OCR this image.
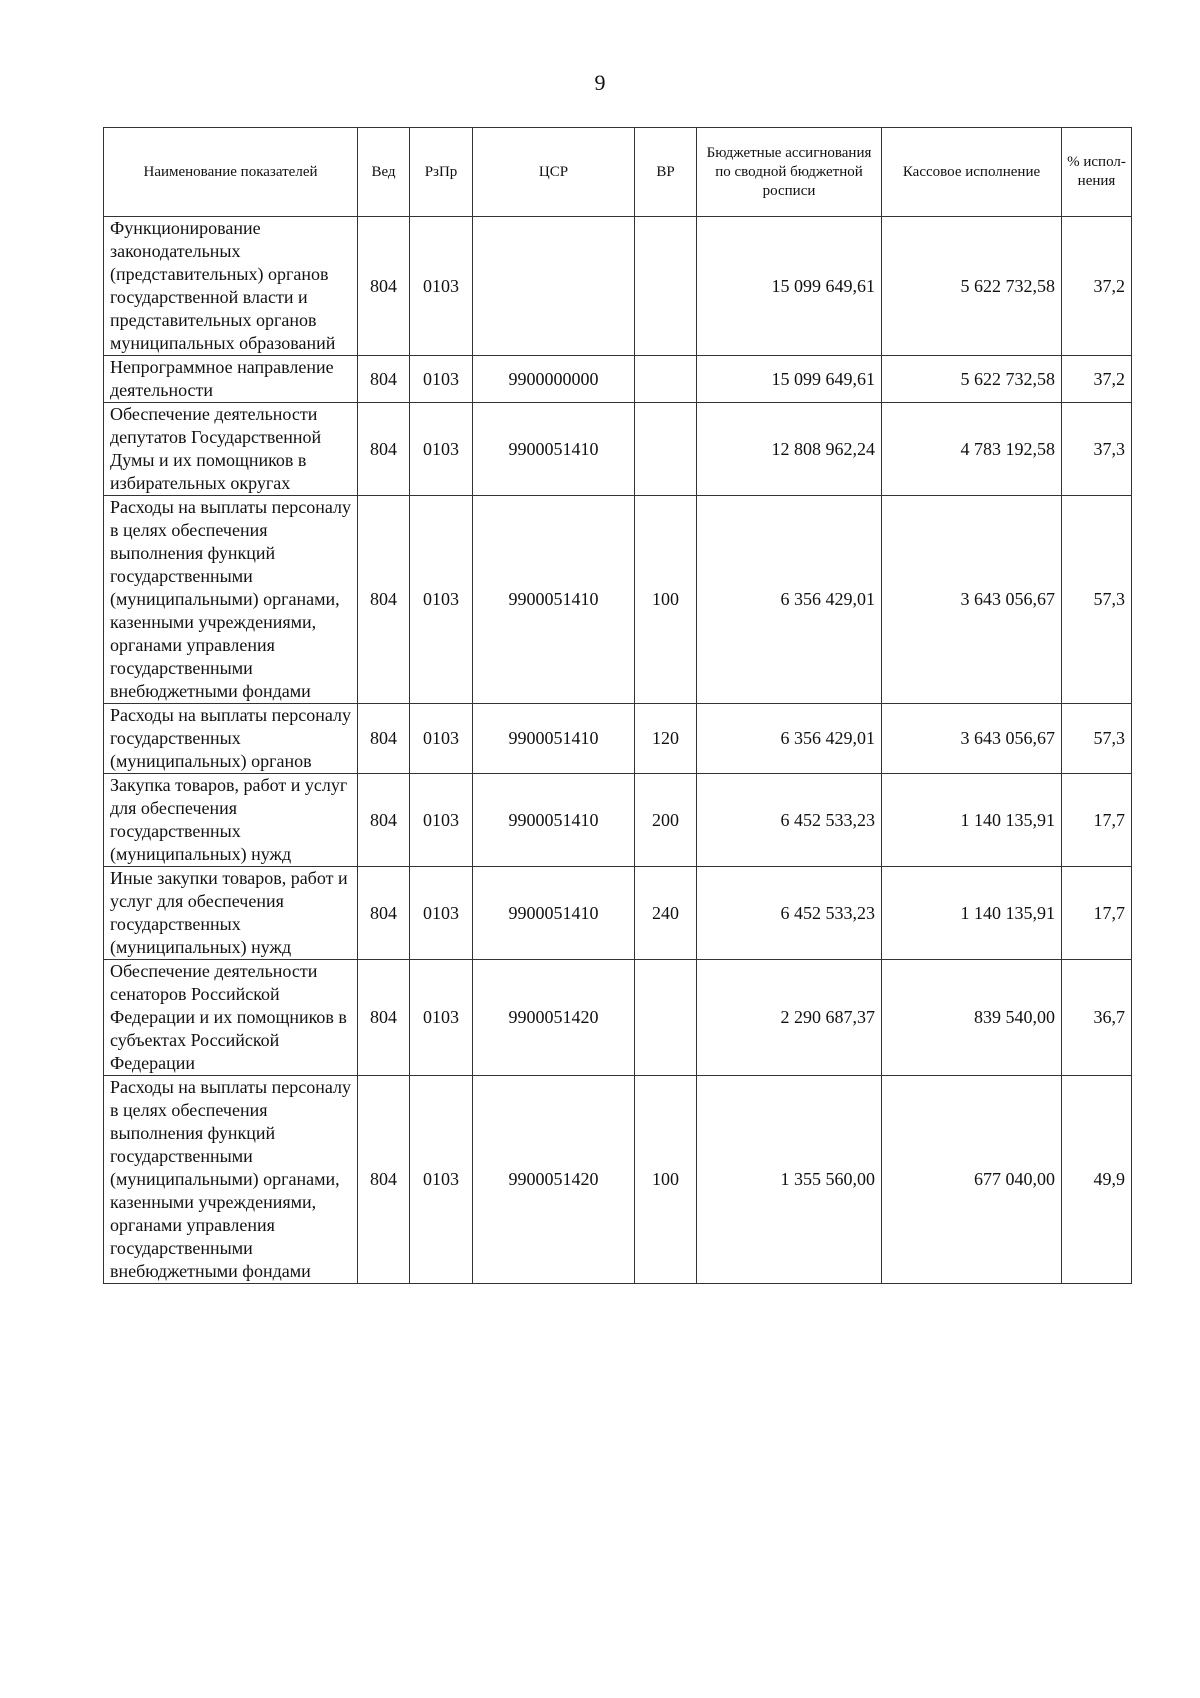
9
Наименование показателей	Вед	РзПр	ЦСР	ВР	Бюджетные ассигнования по сводной бюджетной росписи	Кассовое исполнение	% испол-нения
Функционирование законодательных (представительных) органов государственной власти и представительных органов муниципальных образований	804	0103			15 099 649,61	5 622 732,58	37,2
Непрограммное направление деятельности	804	0103	9900000000		15 099 649,61	5 622 732,58	37,2
Обеспечение деятельности депутатов Государственной Думы и их помощников в избирательных округах	804	0103	9900051410		12 808 962,24	4 783 192,58	37,3
Расходы на выплаты персоналу в целях обеспечения выполнения функций государственными (муниципальными) органами, казенными учреждениями, органами управления государственными внебюджетными фондами	804	0103	9900051410	100	6 356 429,01	3 643 056,67	57,3
Расходы на выплаты персоналу государственных (муниципальных) органов	804	0103	9900051410	120	6 356 429,01	3 643 056,67	57,3
Закупка товаров, работ и услуг для обеспечения государственных (муниципальных) нужд	804	0103	9900051410	200	6 452 533,23	1 140 135,91	17,7
Иные закупки товаров, работ и услуг для обеспечения государственных (муниципальных) нужд	804	0103	9900051410	240	6 452 533,23	1 140 135,91	17,7
Обеспечение деятельности сенаторов Российской Федерации и их помощников в субъектах Российской Федерации	804	0103	9900051420		2 290 687,37	839 540,00	36,7
Расходы на выплаты персоналу в целях обеспечения выполнения функций государственными (муниципальными) органами, казенными учреждениями, органами управления государственными внебюджетными фондами	804	0103	9900051420	100	1 355 560,00	677 040,00	49,9
